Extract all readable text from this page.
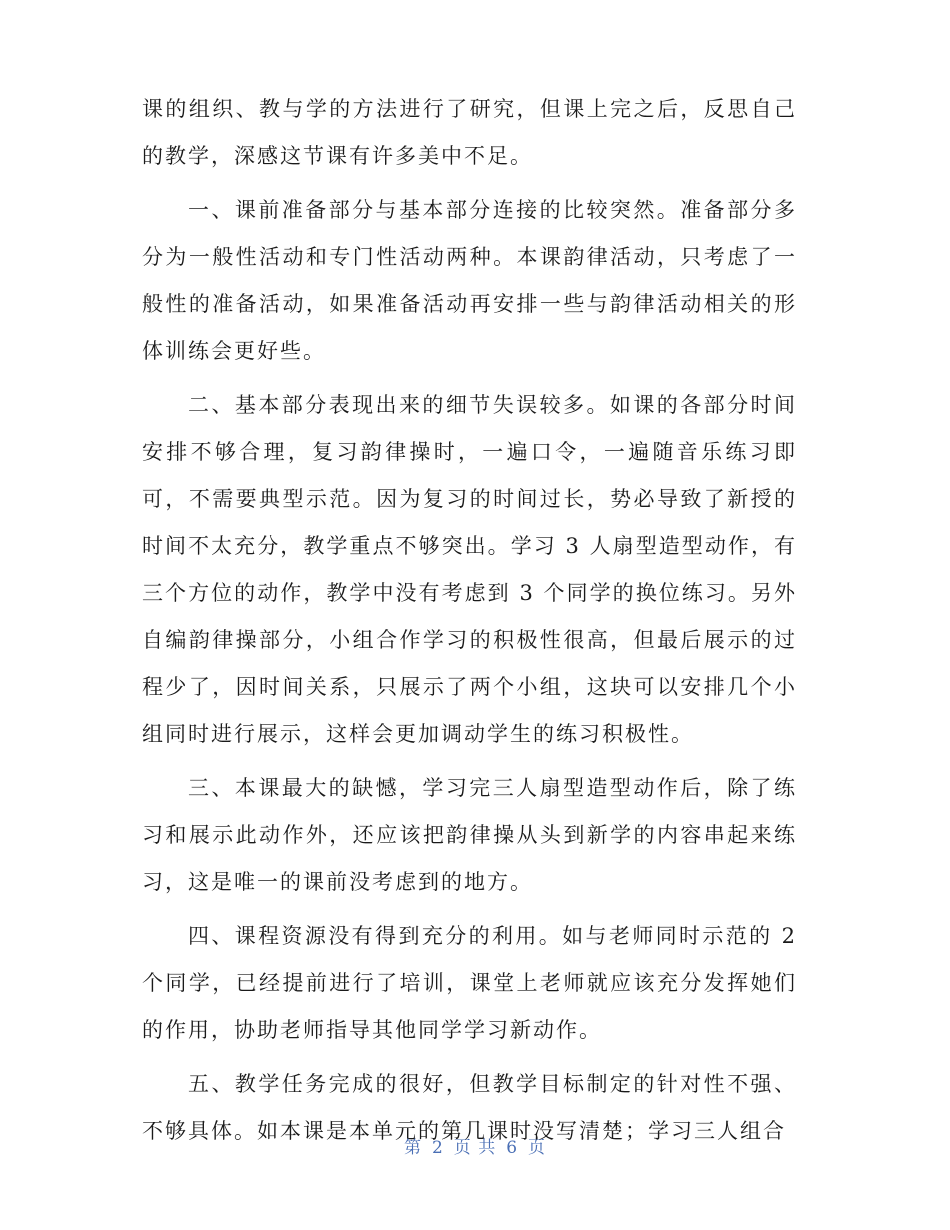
课的组织、教与学的方法进行了研究，但课上完之后，反思自己的教学，深感这节课有许多美中不足。

一、课前准备部分与基本部分连接的比较突然。准备部分多分为一般性活动和专门性活动两种。本课韵律活动，只考虑了一般性的准备活动，如果准备活动再安排一些与韵律活动相关的形体训练会更好些。

二、基本部分表现出来的细节失误较多。如课的各部分时间安排不够合理，复习韵律操时，一遍口令，一遍随音乐练习即可，不需要典型示范。因为复习的时间过长，势必导致了新授的时间不太充分，教学重点不够突出。学习 3 人扇型造型动作，有三个方位的动作，教学中没有考虑到 3 个同学的换位练习。另外自编韵律操部分，小组合作学习的积极性很高，但最后展示的过程少了，因时间关系，只展示了两个小组，这块可以安排几个小组同时进行展示，这样会更加调动学生的练习积极性。

三、本课最大的缺憾，学习完三人扇型造型动作后，除了练习和展示此动作外，还应该把韵律操从头到新学的内容串起来练习，这是唯一的课前没考虑到的地方。

四、课程资源没有得到充分的利用。如与老师同时示范的 2 个同学，已经提前进行了培训，课堂上老师就应该充分发挥她们的作用，协助老师指导其他同学学习新动作。

五、教学任务完成的很好，但教学目标制定的针对性不强、不够具体。如本课是本单元的第几课时没写清楚；学习三人组合

第 2 页 共 6 页
